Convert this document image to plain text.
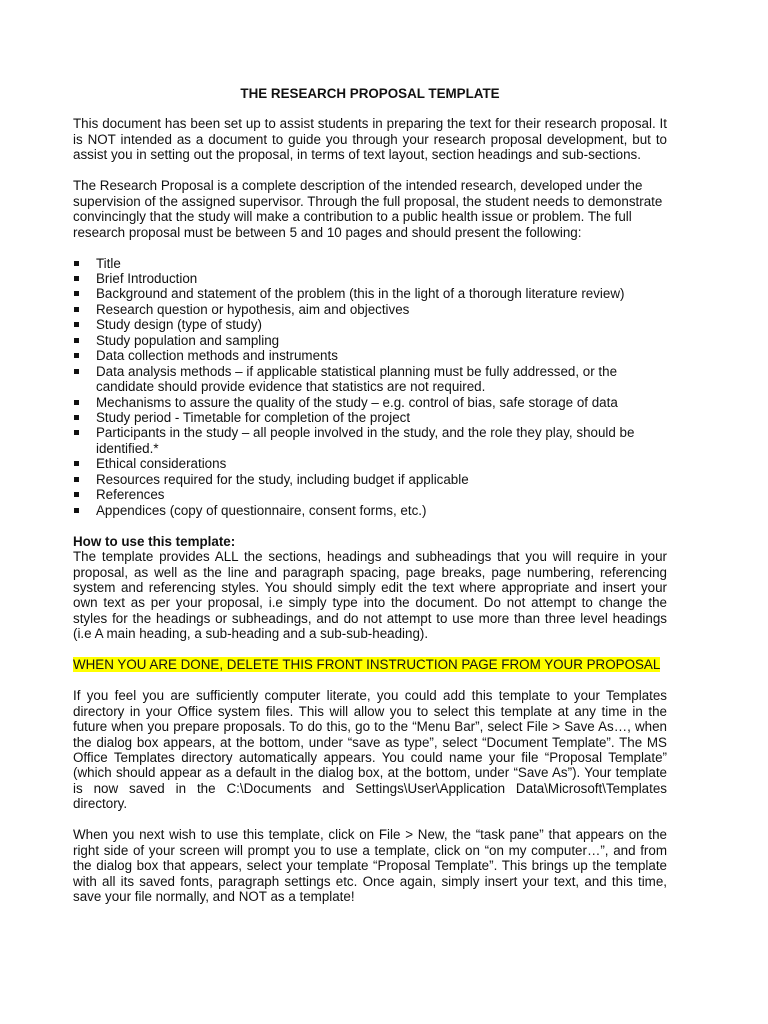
THE RESEARCH PROPOSAL TEMPLATE

This document has been set up to assist students in preparing the text for their research proposal. It is NOT intended as a document to guide you through your research proposal development, but to assist you in setting out the proposal, in terms of text layout, section headings and sub-sections.

The Research Proposal is a complete description of the intended research, developed under the supervision of the assigned supervisor. Through the full proposal, the student needs to demonstrate convincingly that the study will make a contribution to a public health issue or problem. The full research proposal must be between 5 and 10 pages and should present the following:

Title
Brief Introduction
Background and statement of the problem (this in the light of a thorough literature review)
Research question or hypothesis, aim and objectives
Study design (type of study)
Study population and sampling
Data collection methods and instruments
Data analysis methods – if applicable statistical planning must be fully addressed, or the candidate should provide evidence that statistics are not required.
Mechanisms to assure the quality of the study – e.g. control of bias, safe storage of data
Study period - Timetable for completion of the project
Participants in the study – all people involved in the study, and the role they play, should be identified.*
Ethical considerations
Resources required for the study, including budget if applicable
References
Appendices (copy of questionnaire, consent forms, etc.)

How to use this template:

The template provides ALL the sections, headings and subheadings that you will require in your proposal, as well as the line and paragraph spacing, page breaks, page numbering, referencing system and referencing styles. You should simply edit the text where appropriate and insert your own text as per your proposal, i.e simply type into the document. Do not attempt to change the styles for the headings or subheadings, and do not attempt to use more than three level headings (i.e A main heading, a sub-heading and a sub-sub-heading).

WHEN YOU ARE DONE, DELETE THIS FRONT INSTRUCTION PAGE FROM YOUR PROPOSAL

If you feel you are sufficiently computer literate, you could add this template to your Templates directory in your Office system files. This will allow you to select this template at any time in the future when you prepare proposals. To do this, go to the “Menu Bar”, select File > Save As…, when the dialog box appears, at the bottom, under “save as type”, select “Document Template”. The MS Office Templates directory automatically appears. You could name your file “Proposal Template” (which should appear as a default in the dialog box, at the bottom, under “Save As”). Your template is now saved in the C:\Documents and Settings\User\Application Data\Microsoft\Templates directory.

When you next wish to use this template, click on File > New, the “task pane” that appears on the right side of your screen will prompt you to use a template, click on “on my computer…”, and from the dialog box that appears, select your template “Proposal Template”. This brings up the template with all its saved fonts, paragraph settings etc. Once again, simply insert your text, and this time, save your file normally, and NOT as a template!
